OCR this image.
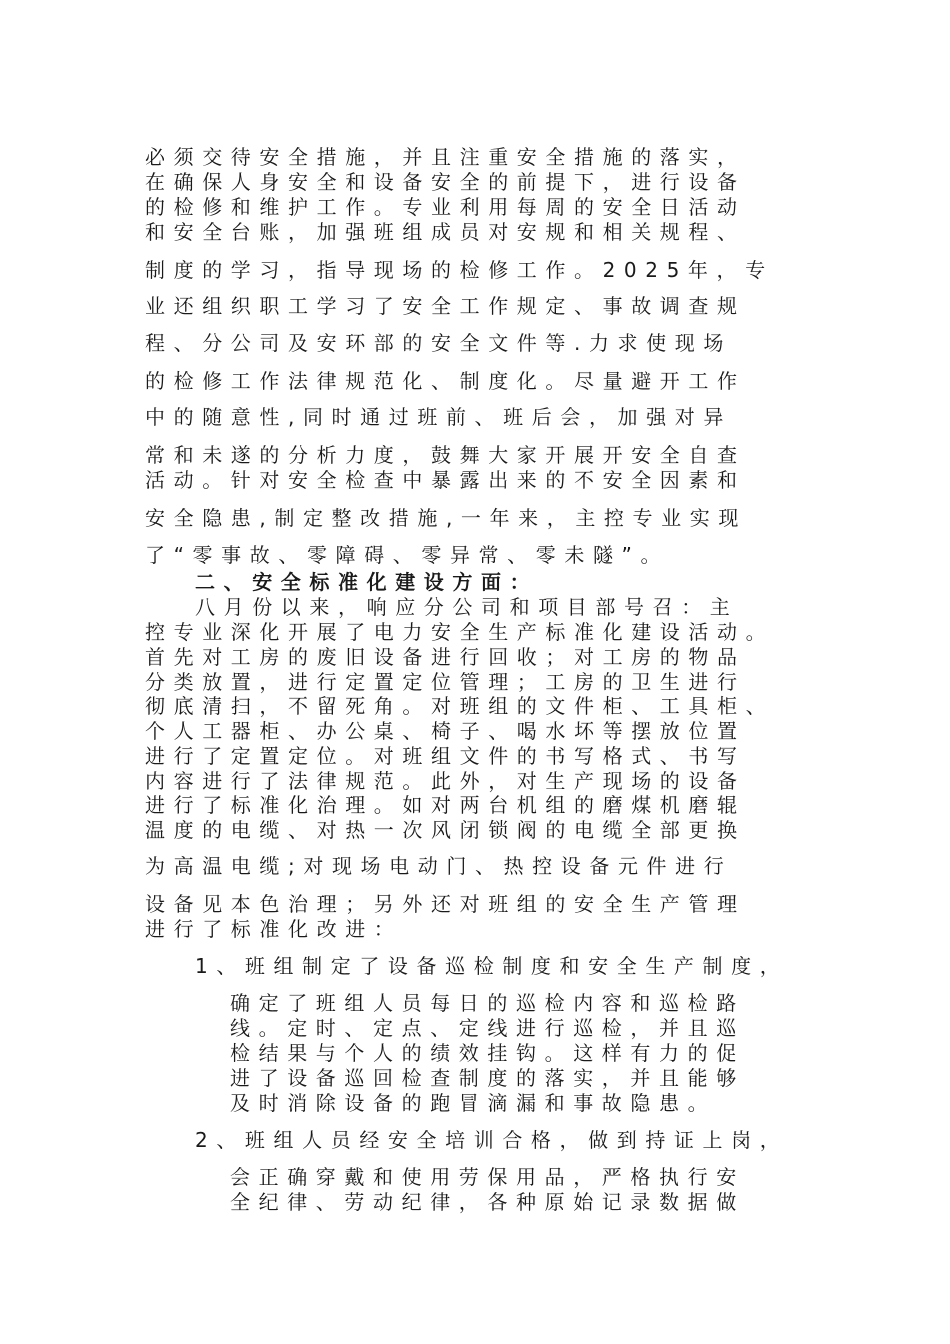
必须交待安全措施，并且注重安全措施的落实，
在确保人身安全和设备安全的前提下，进行设备
的检修和维护工作。专业利用每周的安全日活动
和安全台账，加强班组成员对安规和相关规程、
制度的学习，指导现场的检修工作。2025年，专
业还组织职工学习了安全工作规定、事故调查规
程、分公司及安环部的安全文件等.力求使现场
的检修工作法律规范化、制度化。尽量避开工作
中的随意性,同时通过班前、班后会，加强对异
常和未遂的分析力度，鼓舞大家开展开安全自查
活动。针对安全检查中暴露出来的不安全因素和
安全隐患,制定整改措施,一年来，主控专业实现
了“零事故、零障碍、零异常、零未隧”。
二、安全标准化建设方面：
八月份以来，响应分公司和项目部号召：主
控专业深化开展了电力安全生产标准化建设活动。
首先对工房的废旧设备进行回收；对工房的物品
分类放置，进行定置定位管理；工房的卫生进行
彻底清扫，不留死角。对班组的文件柜、工具柜、
个人工器柜、办公桌、椅子、喝水坏等摆放位置
进行了定置定位。对班组文件的书写格式、书写
内容进行了法律规范。此外，对生产现场的设备
进行了标准化治理。如对两台机组的磨煤机磨辊
温度的电缆、对热一次风闭锁阀的电缆全部更换
为高温电缆;对现场电动门、热控设备元件进行
设备见本色治理；另外还对班组的安全生产管理
进行了标准化改进：
1、班组制定了设备巡检制度和安全生产制度，
确定了班组人员每日的巡检内容和巡检路
线。定时、定点、定线进行巡检，并且巡
检结果与个人的绩效挂钩。这样有力的促
进了设备巡回检查制度的落实，并且能够
及时消除设备的跑冒滴漏和事故隐患。
2、班组人员经安全培训合格，做到持证上岗，
会正确穿戴和使用劳保用品，严格执行安
全纪律、劳动纪律，各种原始记录数据做
